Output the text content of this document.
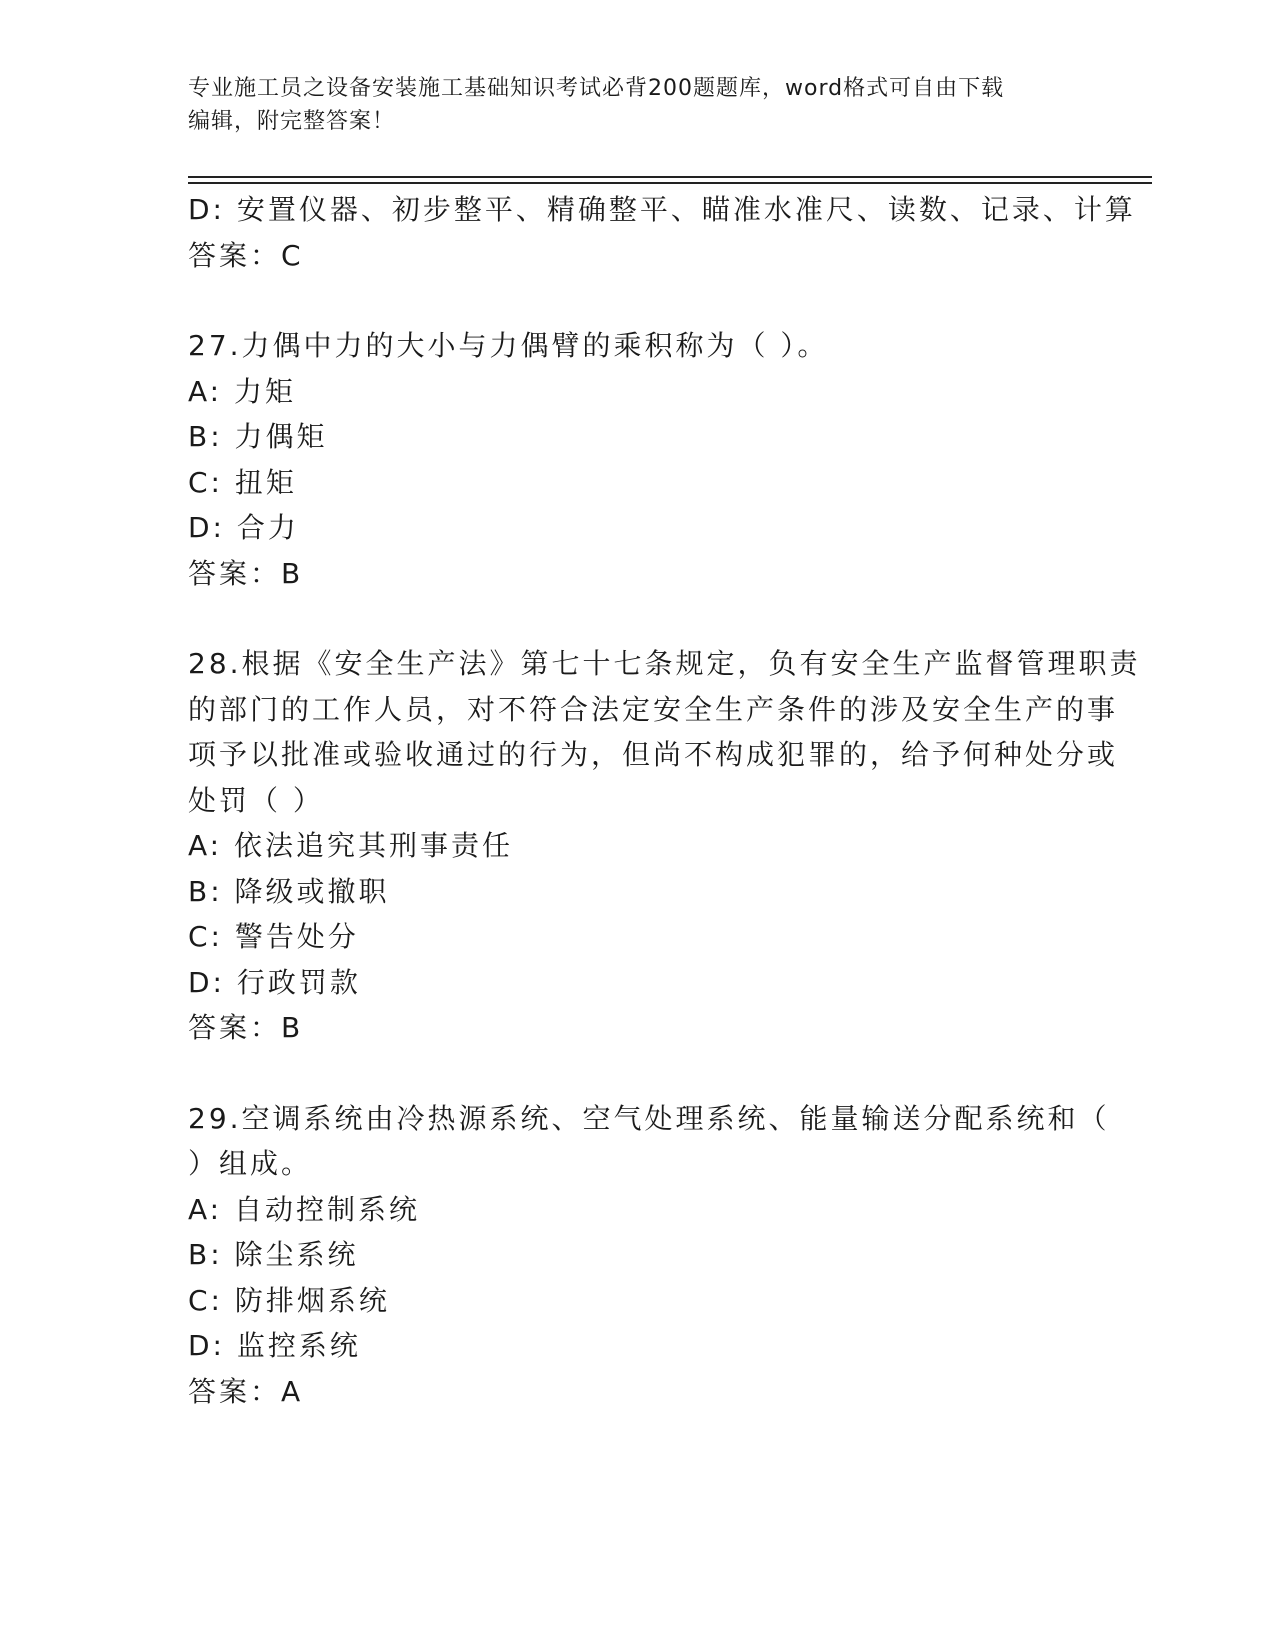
专业施工员之设备安装施工基础知识考试必背200题题库，word格式可自由下载
编辑，附完整答案！
D: 安置仪器、初步整平、精确整平、瞄准水准尺、读数、记录、计算
答案：C
27.力偶中力的大小与力偶臂的乘积称为（ ）。
A: 力矩
B: 力偶矩
C: 扭矩
D: 合力
答案：B
28.根据《安全生产法》第七十七条规定，负有安全生产监督管理职责
的部门的工作人员，对不符合法定安全生产条件的涉及安全生产的事
项予以批准或验收通过的行为，但尚不构成犯罪的，给予何种处分或
处罚（ ）
A: 依法追究其刑事责任
B: 降级或撤职
C: 警告处分
D: 行政罚款
答案：B
29.空调系统由冷热源系统、空气处理系统、能量输送分配系统和（
）组成。
A: 自动控制系统
B: 除尘系统
C: 防排烟系统
D: 监控系统
答案：A
